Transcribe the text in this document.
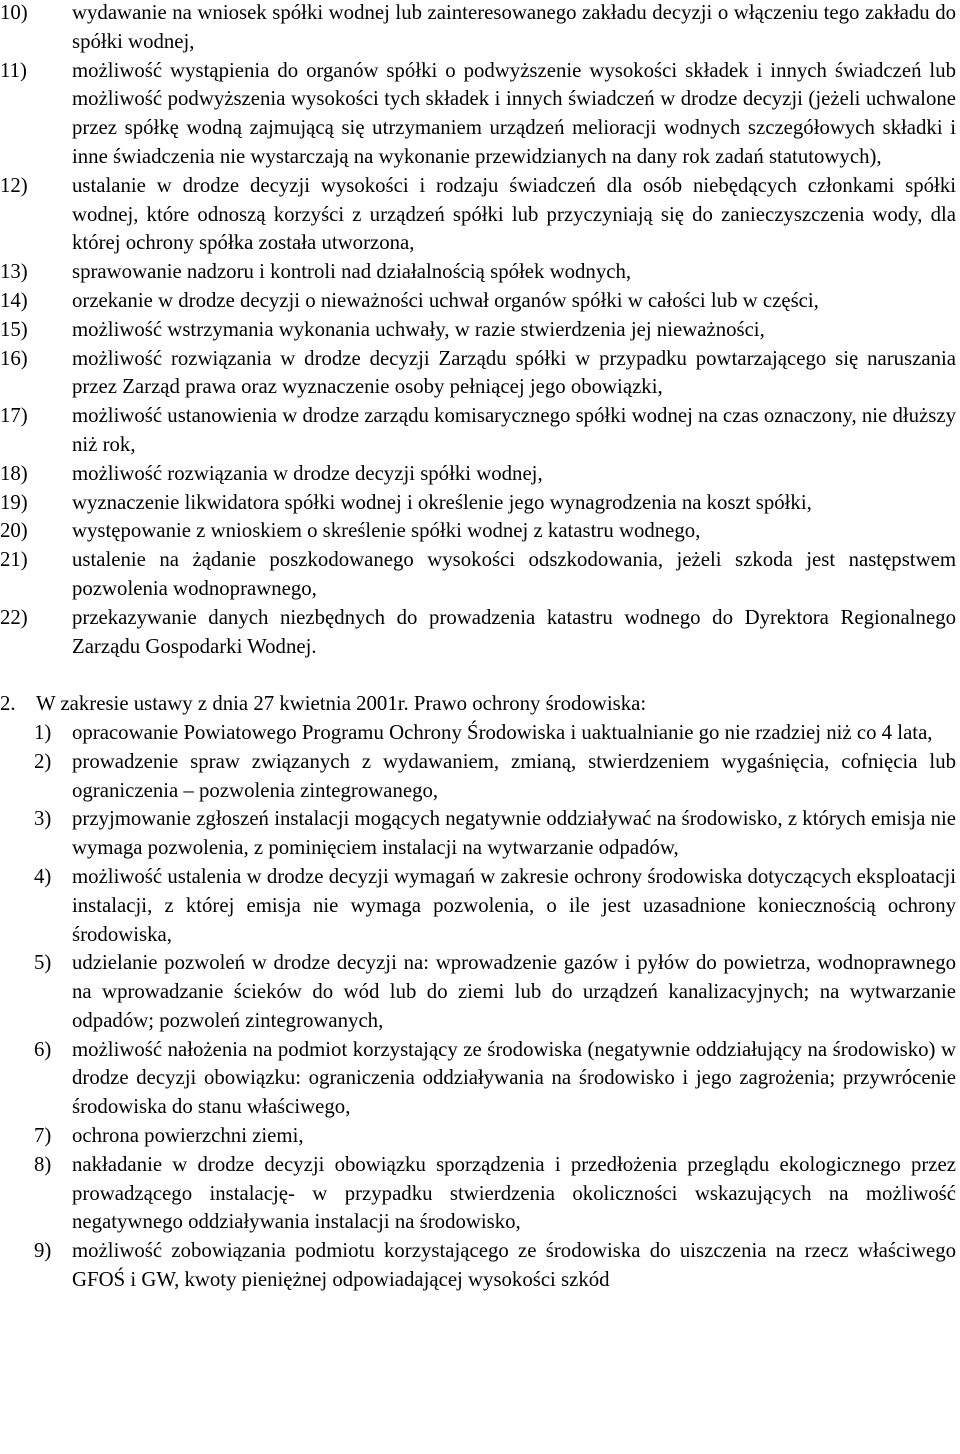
10) wydawanie na wniosek spółki wodnej lub zainteresowanego zakładu decyzji o włączeniu tego zakładu do spółki wodnej,
11) możliwość wystąpienia do organów spółki o podwyższenie wysokości składek i innych świadczeń lub możliwość podwyższenia wysokości tych składek i innych świadczeń w drodze decyzji (jeżeli uchwalone przez spółkę wodną zajmującą się utrzymaniem urządzeń melioracji wodnych szczegółowych składki i inne świadczenia nie wystarczają na wykonanie przewidzianych na dany rok zadań statutowych),
12) ustalanie w drodze decyzji wysokości i rodzaju świadczeń dla osób niebędących członkami spółki wodnej, które odnoszą korzyści z urządzeń spółki lub przyczyniają się do zanieczyszczenia wody, dla której ochrony spółka została utworzona,
13) sprawowanie nadzoru i kontroli nad działalnością spółek wodnych,
14) orzekanie w drodze decyzji o nieważności uchwał organów spółki w całości lub w części,
15) możliwość wstrzymania wykonania uchwały, w razie stwierdzenia jej nieważności,
16) możliwość rozwiązania w drodze decyzji Zarządu spółki w przypadku powtarzającego się naruszania przez Zarząd prawa oraz wyznaczenie osoby pełniącej jego obowiązki,
17) możliwość ustanowienia w drodze zarządu komisarycznego spółki wodnej na czas oznaczony, nie dłuższy niż rok,
18) możliwość rozwiązania w drodze decyzji spółki wodnej,
19) wyznaczenie likwidatora spółki wodnej i określenie jego wynagrodzenia na koszt spółki,
20) występowanie z wnioskiem o skreślenie spółki wodnej z katastru wodnego,
21) ustalenie na żądanie poszkodowanego wysokości odszkodowania, jeżeli szkoda jest następstwem pozwolenia wodnoprawnego,
22) przekazywanie danych niezbędnych do prowadzenia katastru wodnego do Dyrektora Regionalnego Zarządu Gospodarki Wodnej.
2. W zakresie ustawy z dnia 27 kwietnia 2001r. Prawo ochrony środowiska:
1) opracowanie Powiatowego Programu Ochrony Środowiska i uaktualnianie go nie rzadziej niż co 4 lata,
2) prowadzenie spraw związanych z wydawaniem, zmianą, stwierdzeniem wygaśnięcia, cofnięcia lub ograniczenia – pozwolenia zintegrowanego,
3) przyjmowanie zgłoszeń instalacji mogących negatywnie oddziaływać na środowisko, z których emisja nie wymaga pozwolenia, z pominięciem instalacji na wytwarzanie odpadów,
4) możliwość ustalenia w drodze decyzji wymagań w zakresie ochrony środowiska dotyczących eksploatacji instalacji, z której emisja nie wymaga pozwolenia, o ile jest uzasadnione koniecznością ochrony środowiska,
5) udzielanie pozwoleń w drodze decyzji na: wprowadzenie gazów i pyłów do powietrza, wodnoprawnego na wprowadzanie ścieków do wód lub do ziemi lub do urządzeń kanalizacyjnych; na wytwarzanie odpadów; pozwoleń zintegrowanych,
6) możliwość nałożenia na podmiot korzystający ze środowiska (negatywnie oddziałujący na środowisko) w drodze decyzji obowiązku: ograniczenia oddziaływania na środowisko i jego zagrożenia; przywrócenie środowiska do stanu właściwego,
7) ochrona powierzchni ziemi,
8) nakładanie w drodze decyzji obowiązku sporządzenia i przedłożenia przeglądu ekologicznego przez prowadzącego instalację- w przypadku stwierdzenia okoliczności wskazujących na możliwość negatywnego oddziaływania instalacji na środowisko,
9) możliwość zobowiązania podmiotu korzystającego ze środowiska do uiszczenia na rzecz właściwego GFOŚ i GW, kwoty pieniężnej odpowiadającej wysokości szkód
